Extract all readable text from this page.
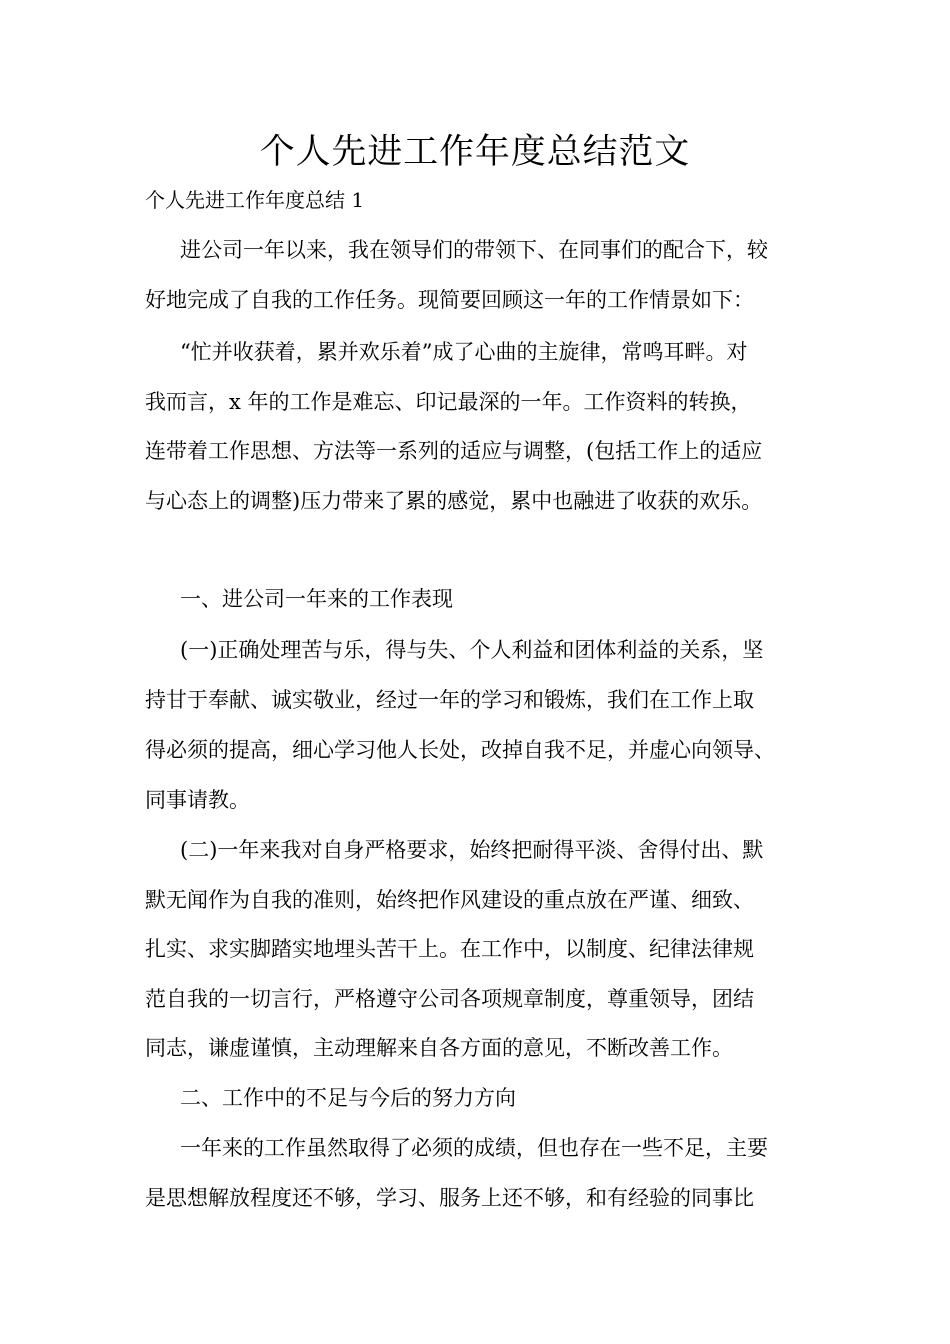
个人先进工作年度总结范文
个人先进工作年度总结 1
进公司一年以来，我在领导们的带领下、在同事们的配合下，较
好地完成了自我的工作任务。现简要回顾这一年的工作情景如下：
“忙并收获着，累并欢乐着”成了心曲的主旋律，常鸣耳畔。对
我而言，x 年的工作是难忘、印记最深的一年。工作资料的转换，
连带着工作思想、方法等一系列的适应与调整，(包括工作上的适应
与心态上的调整)压力带来了累的感觉，累中也融进了收获的欢乐。
一、进公司一年来的工作表现
(一)正确处理苦与乐，得与失、个人利益和团体利益的关系，坚
持甘于奉献、诚实敬业，经过一年的学习和锻炼，我们在工作上取
得必须的提高，细心学习他人长处，改掉自我不足，并虚心向领导、
同事请教。
(二)一年来我对自身严格要求，始终把耐得平淡、舍得付出、默
默无闻作为自我的准则，始终把作风建设的重点放在严谨、细致、
扎实、求实脚踏实地埋头苦干上。在工作中，以制度、纪律法律规
范自我的一切言行，严格遵守公司各项规章制度，尊重领导，团结
同志，谦虚谨慎，主动理解来自各方面的意见，不断改善工作。
二、工作中的不足与今后的努力方向
一年来的工作虽然取得了必须的成绩，但也存在一些不足，主要
是思想解放程度还不够，学习、服务上还不够，和有经验的同事比
